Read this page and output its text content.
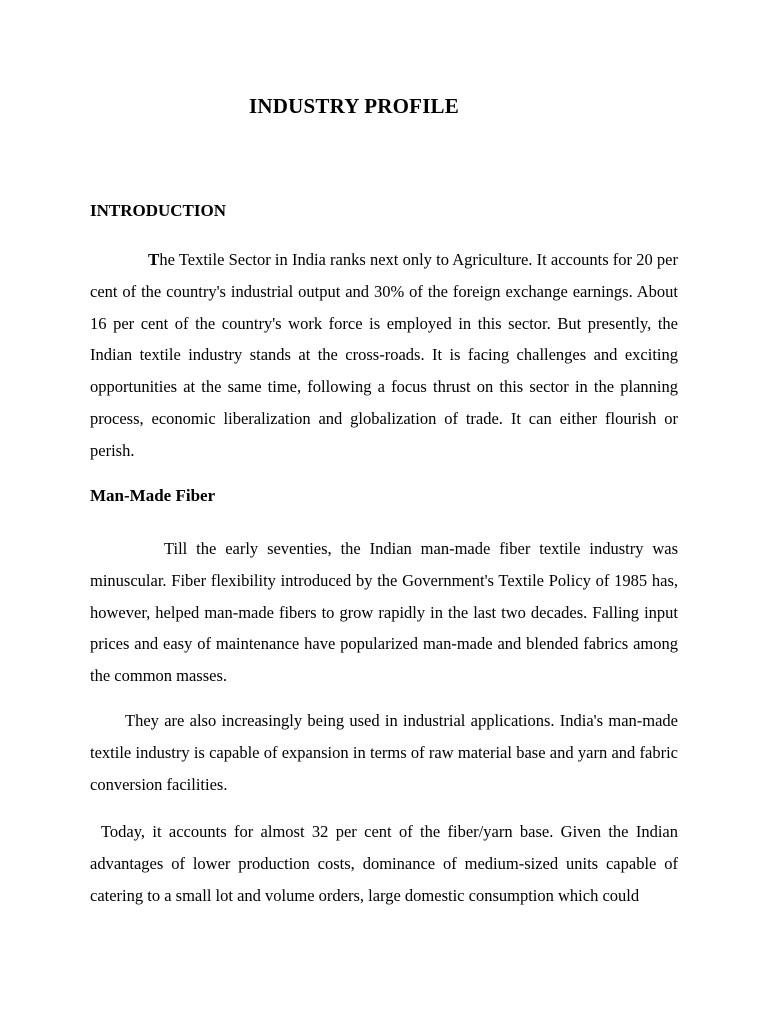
INDUSTRY PROFILE
INTRODUCTION

The Textile Sector in India ranks next only to Agriculture. It accounts for 20 per cent of the country's industrial output and 30% of the foreign exchange earnings. About 16 per cent of the country's work force is employed in this sector. But presently, the Indian textile industry stands at the cross-roads. It is facing challenges and exciting opportunities at the same time, following a focus thrust on this sector in the planning process, economic liberalization and globalization of trade. It can either flourish or perish.

Man-Made Fiber

Till the early seventies, the Indian man-made fiber textile industry was minuscular. Fiber flexibility introduced by the Government's Textile Policy of 1985 has, however, helped man-made fibers to grow rapidly in the last two decades. Falling input prices and easy of maintenance have popularized man-made and blended fabrics among the common masses.

They are also increasingly being used in industrial applications. India's man-made textile industry is capable of expansion in terms of raw material base and yarn and fabric conversion facilities.

Today, it accounts for almost 32 per cent of the fiber/yarn base. Given the Indian advantages of lower production costs, dominance of medium-sized units capable of catering to a small lot and volume orders, large domestic consumption which could
